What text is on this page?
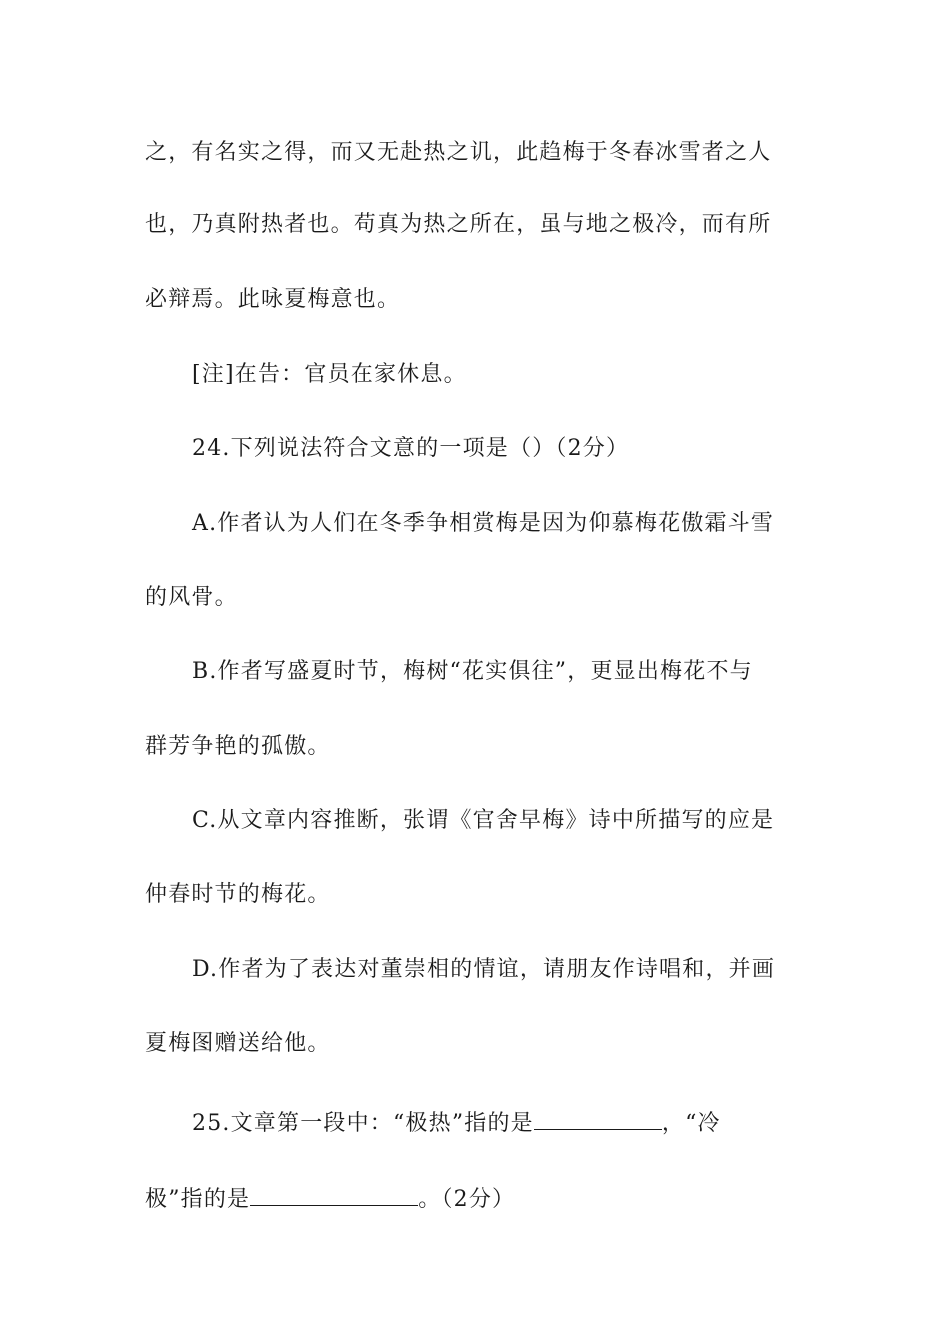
之，有名实之得，而又无赴热之讥，此趋梅于冬春冰雪者之人
也，乃真附热者也。苟真为热之所在，虽与地之极冷，而有所
必辩焉。此咏夏梅意也。
[注]在告：官员在家休息。
24.下列说法符合文意的一项是（）（2分）
A.作者认为人们在冬季争相赏梅是因为仰慕梅花傲霜斗雪
的风骨。
B.作者写盛夏时节，梅树“花实俱往”，更显出梅花不与
群芳争艳的孤傲。
C.从文章内容推断，张谓《官舍早梅》诗中所描写的应是
仲春时节的梅花。
D.作者为了表达对董崇相的情谊，请朋友作诗唱和，并画
夏梅图赠送给他。
25.文章第一段中：“极热”指的是	，“冷
极”指的是	。（2分）
